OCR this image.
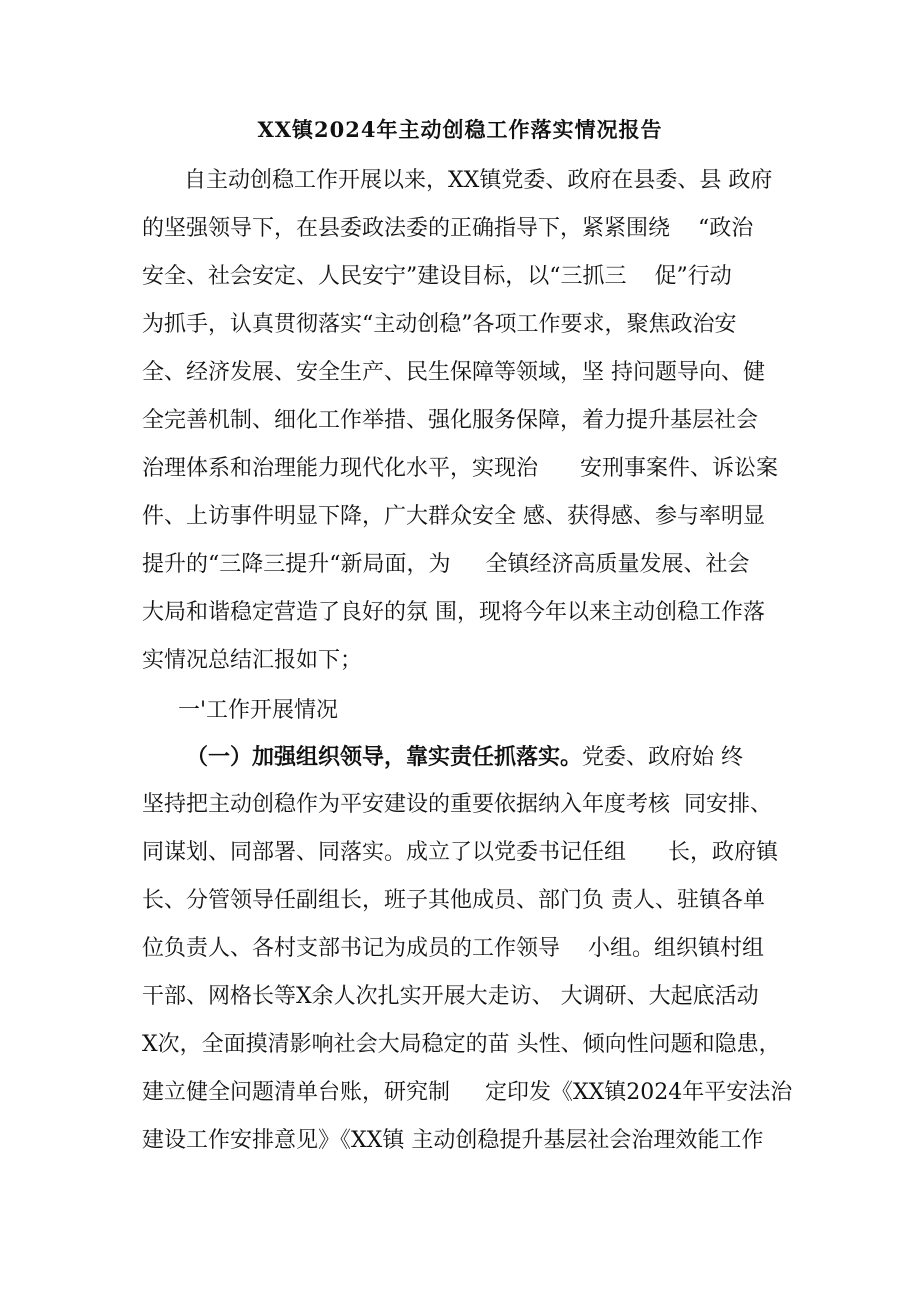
XX镇2024年主动创稳工作落实情况报告
自主动创稳工作开展以来，XX镇党委、政府在县委、县 政府
的坚强领导下，在县委政法委的正确指导下，紧紧围绕    “政治
安全、社会安定、人民安宁”建设目标，以“三抓三    促”行动
为抓手，认真贯彻落实“主动创稳”各项工作要求，聚焦政治安
全、经济发展、安全生产、民生保障等领域，坚 持问题导向、健
全完善机制、细化工作举措、强化服务保障，着力提升基层社会
治理体系和治理能力现代化水平，实现治      安刑事案件、诉讼案
件、上访事件明显下降，广大群众安全 感、获得感、参与率明显
提升的“三降三提升“新局面，为     全镇经济高质量发展、社会
大局和谐稳定营造了良好的氛 围，现将今年以来主动创稳工作落
实情况总结汇报如下；
一'工作开展情况
（一）加强组织领导，靠实责任抓落实。党委、政府始 终
坚持把主动创稳作为平安建设的重要依据纳入年度考核  同安排、
同谋划、同部署、同落实。成立了以党委书记任组      长，政府镇
长、分管领导任副组长，班子其他成员、部门负 责人、驻镇各单
位负责人、各村支部书记为成员的工作领导    小组。组织镇村组
干部、网格长等X余人次扎实开展大走访、 大调研、大起底活动
X次，全面摸清影响社会大局稳定的苗 头性、倾向性问题和隐患，
建立健全问题清单台账，研究制     定印发《XX镇2024年平安法治
建设工作安排意见》《XX镇 主动创稳提升基层社会治理效能工作
